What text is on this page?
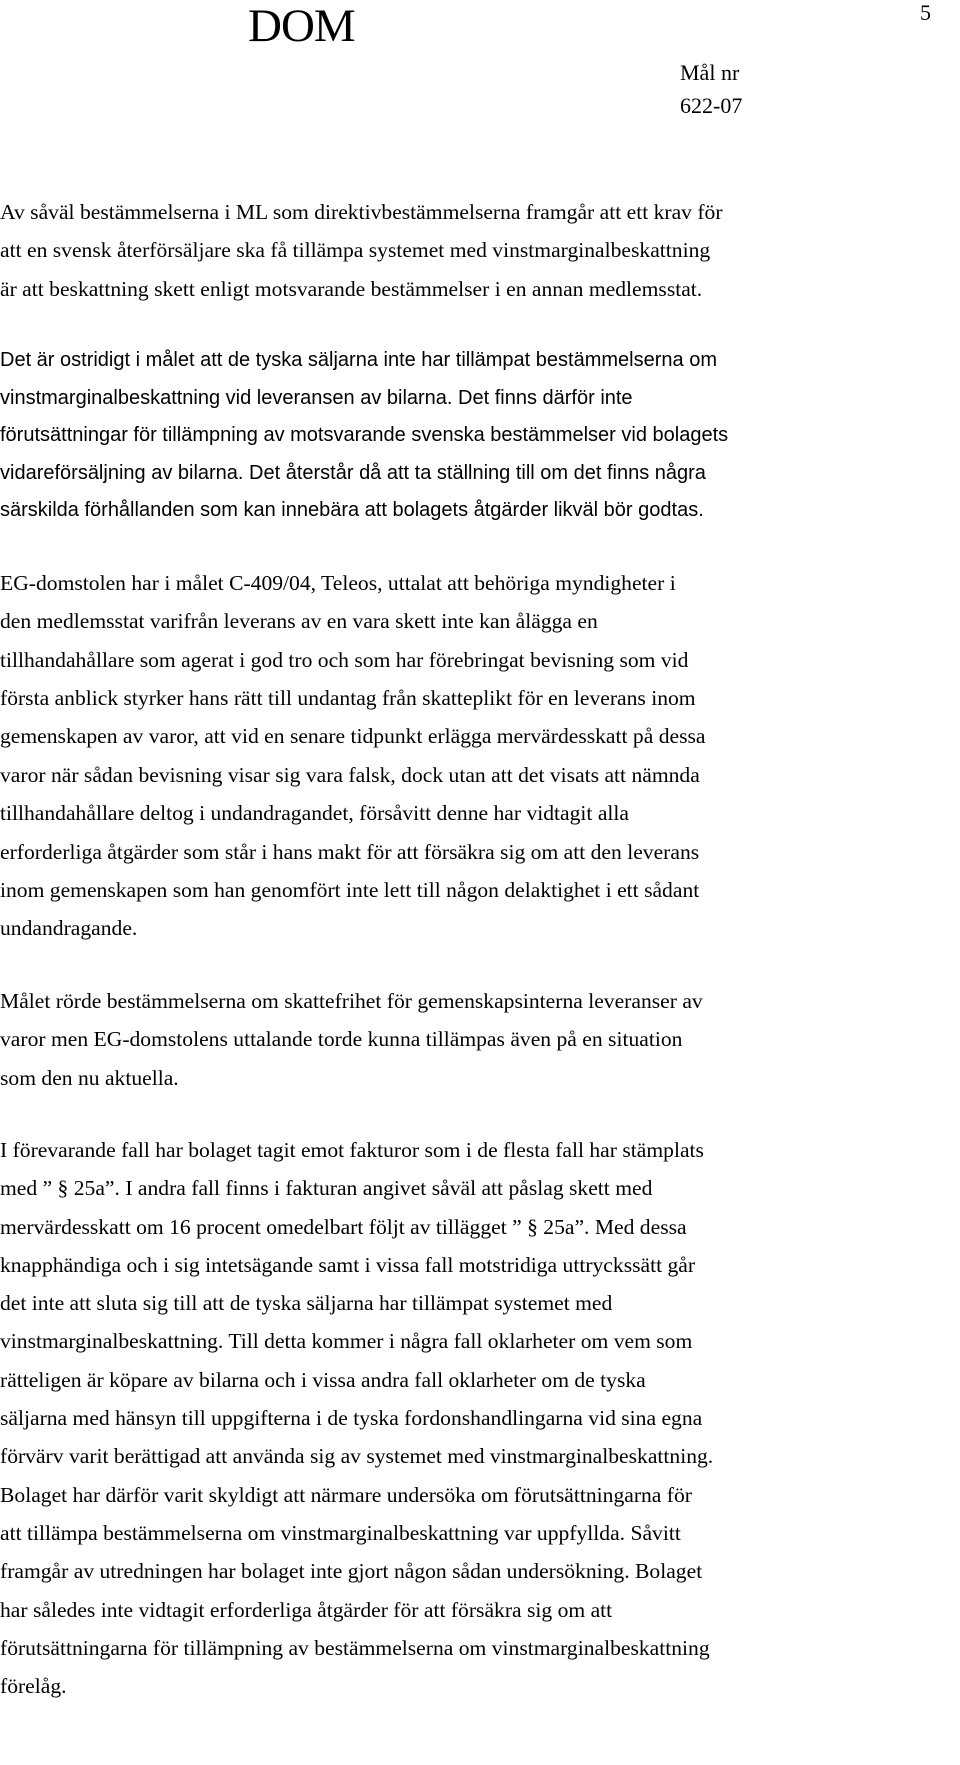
DOM	5
Mål nr
622-07

Av såväl bestämmelserna i ML som direktivbestämmelserna framgår att ett krav för
att en svensk återförsäljare ska få tillämpa systemet med vinstmarginalbeskattning
är att beskattning skett enligt motsvarande bestämmelser i en annan medlemsstat.

Det är ostridigt i målet att de tyska säljarna inte har tillämpat bestämmelserna om
vinstmarginalbeskattning vid leveransen av bilarna. Det finns därför inte
förutsättningar för tillämpning av motsvarande svenska bestämmelser vid bolagets
vidareförsäljning av bilarna. Det återstår då att ta ställning till om det finns några
särskilda förhållanden som kan innebära att bolagets åtgärder likväl bör godtas.

EG-domstolen har i målet C-409/04, Teleos, uttalat att behöriga myndigheter i
den medlemsstat varifrån leverans av en vara skett inte kan ålägga en
tillhandahållare som agerat i god tro och som har förebringat bevisning som vid
första anblick styrker hans rätt till undantag från skatteplikt för en leverans inom
gemenskapen av varor, att vid en senare tidpunkt erlägga mervärdesskatt på dessa
varor när sådan bevisning visar sig vara falsk, dock utan att det visats att nämnda
tillhandahållare deltog i undandragandet, försåvitt denne har vidtagit alla
erforderliga åtgärder som står i hans makt för att försäkra sig om att den leverans
inom gemenskapen som han genomfört inte lett till någon delaktighet i ett sådant
undandragande.

Målet rörde bestämmelserna om skattefrihet för gemenskapsinterna leveranser av
varor men EG-domstolens uttalande torde kunna tillämpas även på en situation
som den nu aktuella.

I förevarande fall har bolaget tagit emot fakturor som i de flesta fall har stämplats
med ” § 25a”. I andra fall finns i fakturan angivet såväl att påslag skett med
mervärdesskatt om 16 procent omedelbart följt av tillägget ” § 25a”. Med dessa
knapphändiga och i sig intetsägande samt i vissa fall motstridiga uttryckssätt går
det inte att sluta sig till att de tyska säljarna har tillämpat systemet med
vinstmarginalbeskattning. Till detta kommer i några fall oklarheter om vem som
rätteligen är köpare av bilarna och i vissa andra fall oklarheter om de tyska
säljarna med hänsyn till uppgifterna i de tyska fordonshandlingarna vid sina egna
förvärv varit berättigad att använda sig av systemet med vinstmarginalbeskattning.
Bolaget har därför varit skyldigt att närmare undersöka om förutsättningarna för
att tillämpa bestämmelserna om vinstmarginalbeskattning var uppfyllda. Såvitt
framgår av utredningen har bolaget inte gjort någon sådan undersökning. Bolaget
har således inte vidtagit erforderliga åtgärder för att försäkra sig om att
förutsättningarna för tillämpning av bestämmelserna om vinstmarginalbeskattning
förelåg.
